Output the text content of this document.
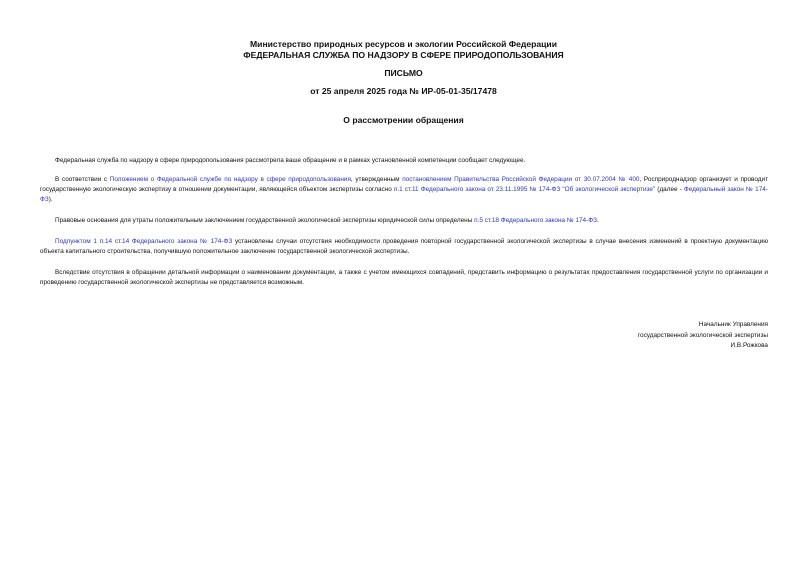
Министерство природных ресурсов и экологии Российской Федерации
ФЕДЕРАЛЬНАЯ СЛУЖБА ПО НАДЗОРУ В СФЕРЕ ПРИРОДОПОЛЬЗОВАНИЯ
ПИСЬМО
от 25 апреля 2025 года № ИР-05-01-35/17478
О рассмотрении обращения
Федеральная служба по надзору в сфере природопользования рассмотрела ваше обращение и в рамках установленной компетенции сообщает следующее.
В соответствии с Положением о Федеральной службе по надзору в сфере природопользования, утвержденным постановлением Правительства Российской Федерации от 30.07.2004 № 400, Росприроднадзор организует и проводит государственную экологическую экспертизу в отношении документации, являющейся объектом экспертизы согласно п.1 ст.11 Федерального закона от 23.11.1995 № 174-ФЗ "Об экологической экспертизе" (далее - Федеральный закон № 174-ФЗ).
Правовые основания для утраты положительным заключением государственной экологической экспертизы юридической силы определены п.5 ст.18 Федерального закона № 174-ФЗ.
Подпунктом 1 п.14 ст.14 Федерального закона № 174-ФЗ установлены случаи отсутствия необходимости проведения повторной государственной экологической экспертизы в случае внесения изменений в проектную документацию объекта капитального строительства, получившую положительное заключение государственной экологической экспертизы.
Вследствие отсутствия в обращении детальной информации о наименовании документации, а также с учетом имеющихся совпадений, представить информацию о результатах предоставления государственной услуги по организации и проведению государственной экологической экспертизы не представляется возможным.
Начальник Управления
государственной экологической экспертизы
И.В.Рожкова
